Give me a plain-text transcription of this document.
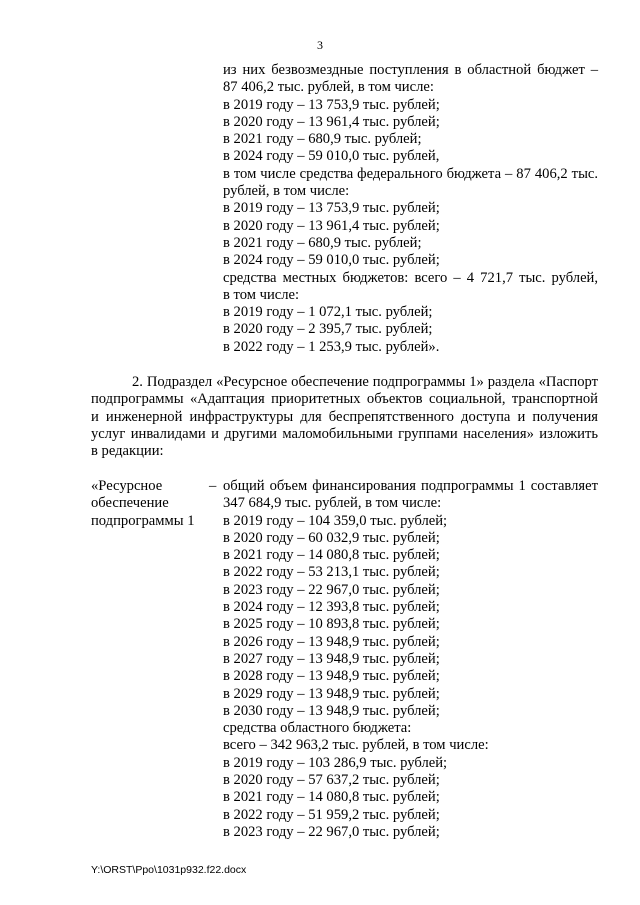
3
из них безвозмездные поступления в областной бюджет –
87 406,2 тыс. рублей, в том числе:
в 2019 году – 13 753,9 тыс. рублей;
в 2020 году – 13 961,4 тыс. рублей;
в 2021 году – 680,9 тыс. рублей;
в 2024 году – 59 010,0 тыс. рублей,
в том числе средства федерального бюджета – 87 406,2 тыс.
рублей, в том числе:
в 2019 году – 13 753,9 тыс. рублей;
в 2020 году – 13 961,4 тыс. рублей;
в 2021 году – 680,9 тыс. рублей;
в 2024 году – 59 010,0 тыс. рублей;
средства местных бюджетов: всего – 4 721,7 тыс. рублей,
в том числе:
в 2019 году – 1 072,1 тыс. рублей;
в 2020 году – 2 395,7 тыс. рублей;
в 2022 году – 1 253,9 тыс. рублей».
2. Подраздел «Ресурсное обеспечение подпрограммы 1» раздела «Паспорт
подпрограммы «Адаптация приоритетных объектов социальной, транспортной
и инженерной инфраструктуры для беспрепятственного доступа и получения
услуг инвалидами и другими маломобильными группами населения» изложить
в редакции:
«Ресурсное
обеспечение
подпрограммы 1
– общий объем финансирования подпрограммы 1 составляет
347 684,9 тыс. рублей, в том числе:
в 2019 году – 104 359,0 тыс. рублей;
в 2020 году – 60 032,9 тыс. рублей;
в 2021 году – 14 080,8 тыс. рублей;
в 2022 году – 53 213,1 тыс. рублей;
в 2023 году – 22 967,0 тыс. рублей;
в 2024 году – 12 393,8 тыс. рублей;
в 2025 году – 10 893,8 тыс. рублей;
в 2026 году – 13 948,9 тыс. рублей;
в 2027 году – 13 948,9 тыс. рублей;
в 2028 году – 13 948,9 тыс. рублей;
в 2029 году – 13 948,9 тыс. рублей;
в 2030 году – 13 948,9 тыс. рублей;
средства областного бюджета:
всего – 342 963,2 тыс. рублей, в том числе:
в 2019 году – 103 286,9 тыс. рублей;
в 2020 году – 57 637,2 тыс. рублей;
в 2021 году – 14 080,8 тыс. рублей;
в 2022 году – 51 959,2 тыс. рублей;
в 2023 году – 22 967,0 тыс. рублей;
Y:\ORST\Ppo\1031p932.f22.docx
